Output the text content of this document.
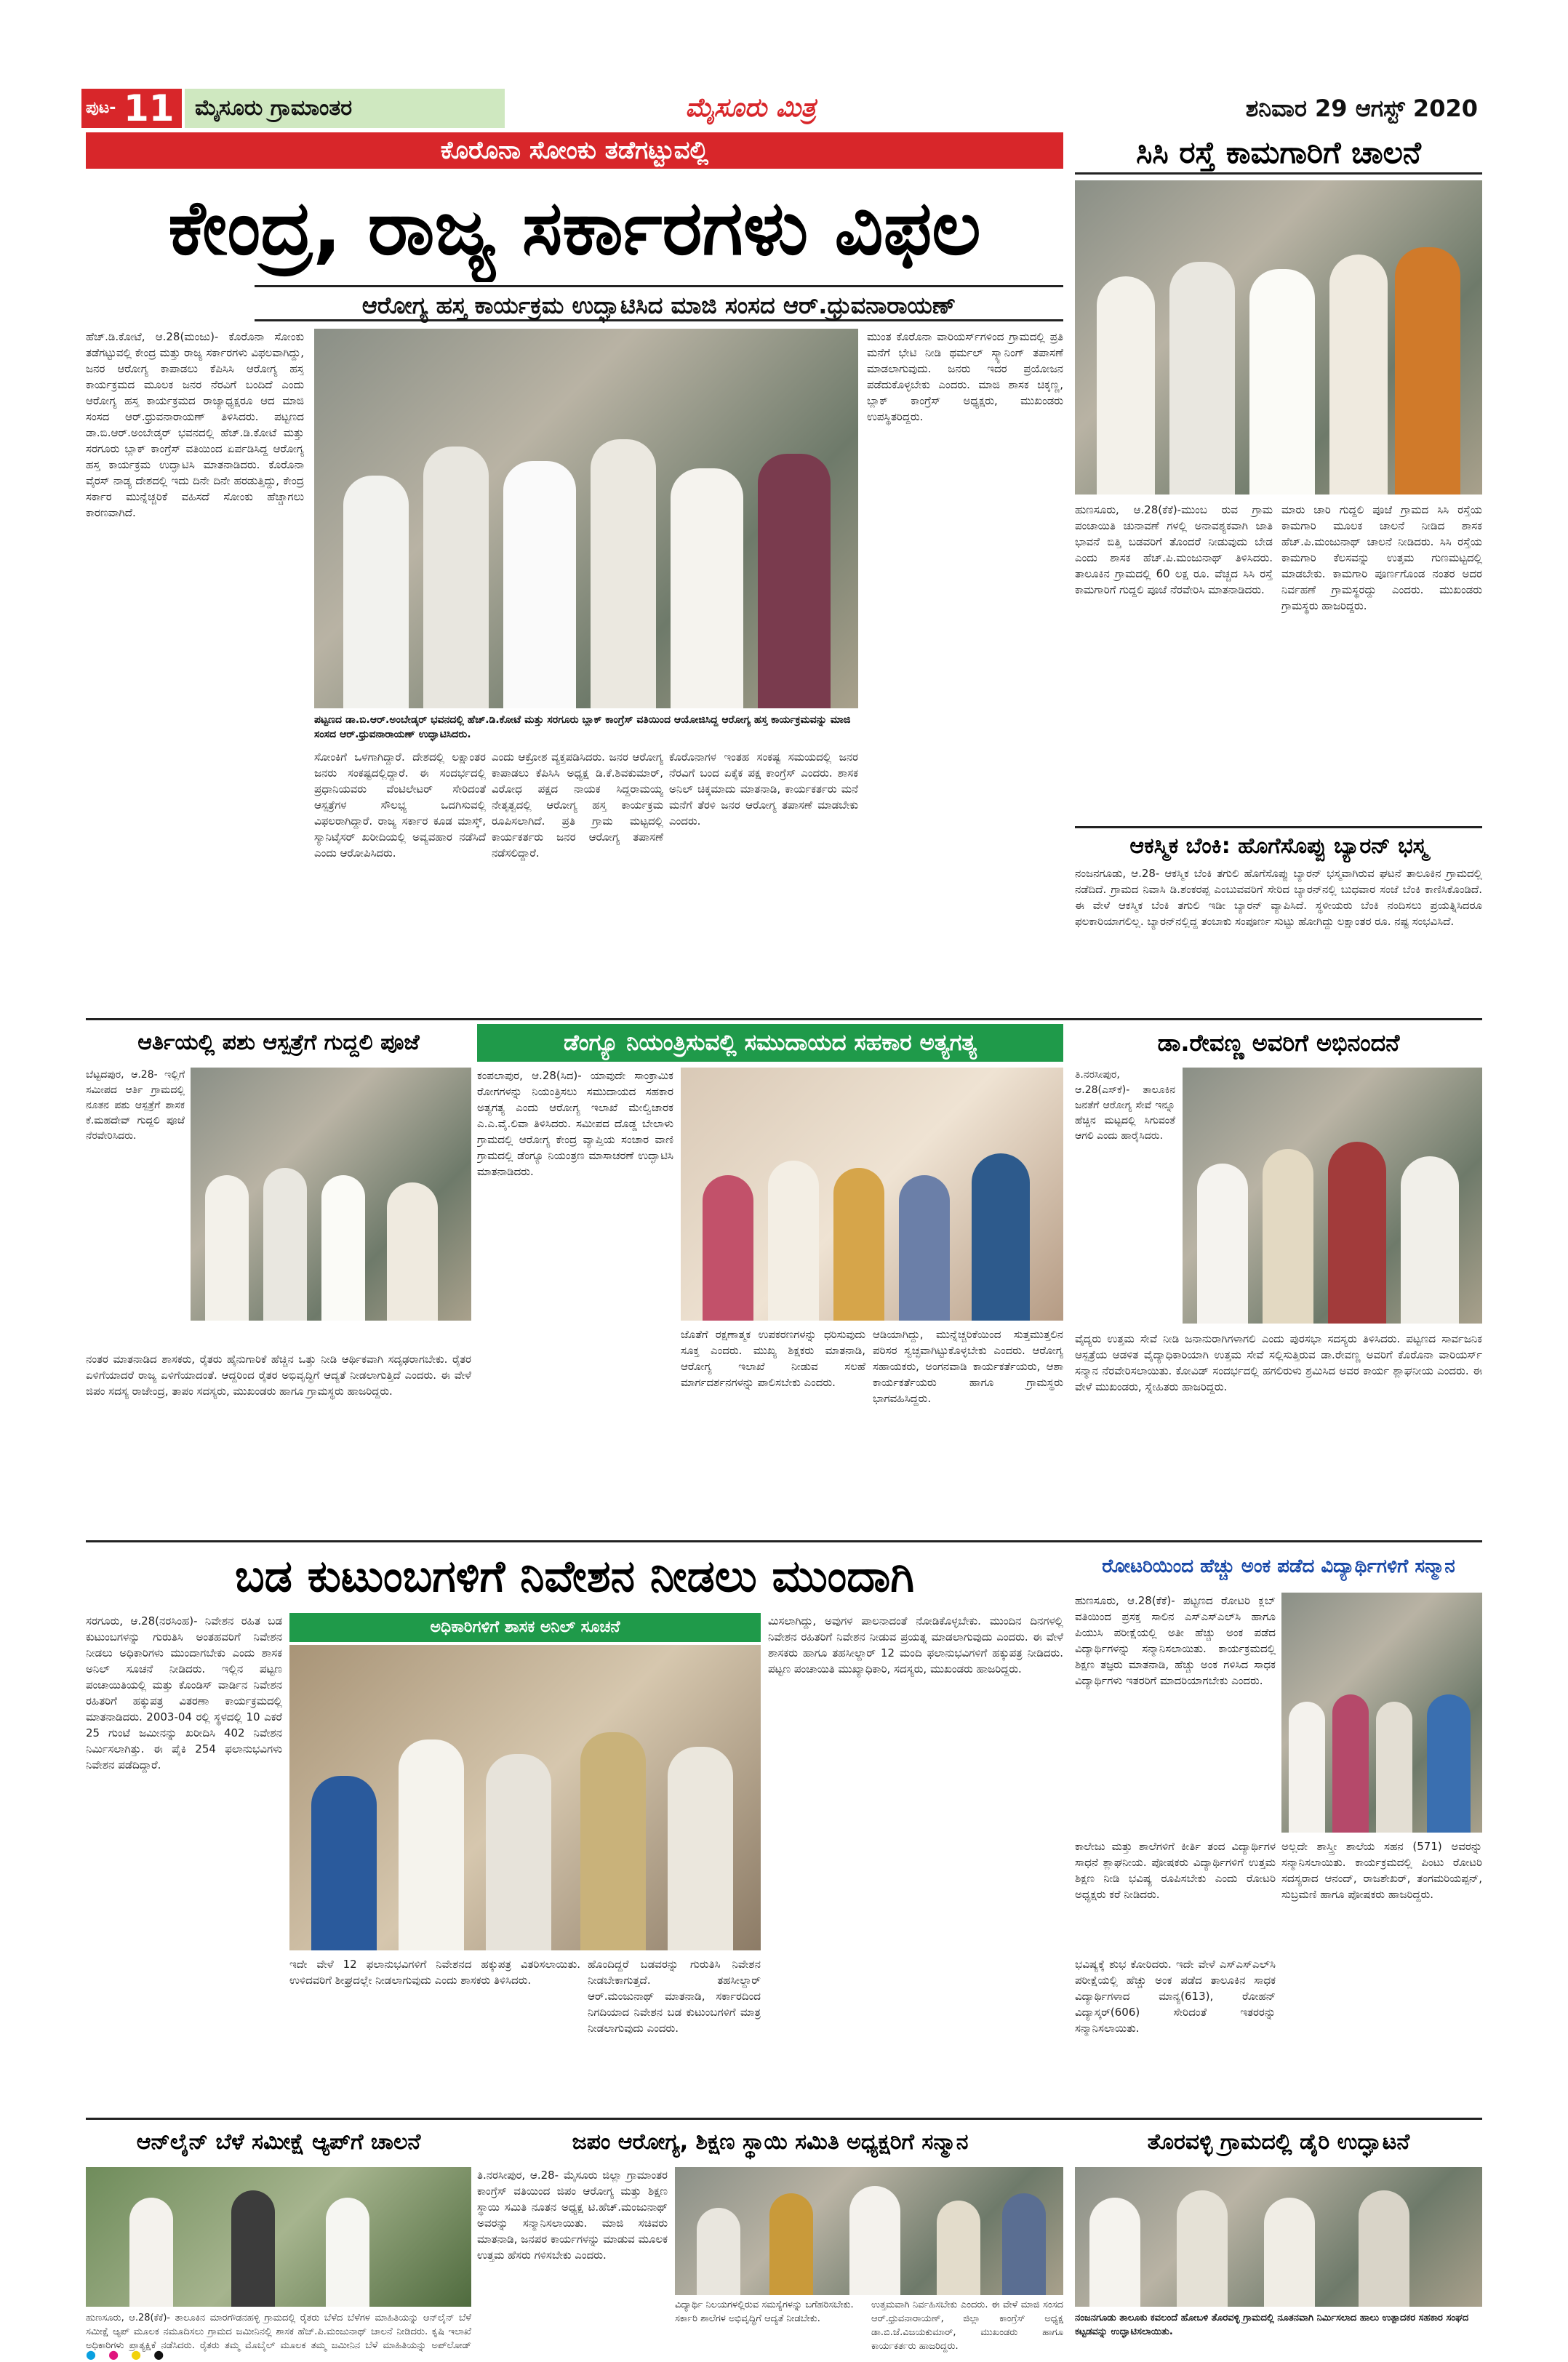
ಪುಟ- 11 ಮೈಸೂರು ಗ್ರಾಮಾಂತರ	ಮೈಸೂರು ಮಿತ್ರ	ಶನಿವಾರ 29 ಆಗಸ್ಟ್ 2020
ಕೊರೊನಾ ಸೋಂಕು ತಡೆಗಟ್ಟುವಲ್ಲಿ
ಕೇಂದ್ರ, ರಾಜ್ಯ ಸರ್ಕಾರಗಳು ವಿಫಲ
ಆರೋಗ್ಯ ಹಸ್ತ ಕಾರ್ಯಕ್ರಮ ಉದ್ಘಾಟಿಸಿದ ಮಾಜಿ ಸಂಸದ ಆರ್.ಧ್ರುವನಾರಾಯಣ್
ಹೆಚ್.ಡಿ.ಕೋಟೆ, ಆ.28(ಮಂಜು)- ಕೊರೊನಾ ಸೋಂಕು ತಡೆಗಟ್ಟುವಲ್ಲಿ ಕೇಂದ್ರ ಮತ್ತು ರಾಜ್ಯ ಸರ್ಕಾರಗಳು ವಿಫಲವಾಗಿದ್ದು, ಜನರ ಆರೋಗ್ಯ ಕಾಪಾಡಲು ಕೆಪಿಸಿಸಿ ಆರೋಗ್ಯ ಹಸ್ತ ಕಾರ್ಯಕ್ರಮದ ಮೂಲಕ ಜನರ ನೆರವಿಗೆ ಬಂದಿದೆ ಎಂದು ಆರೋಗ್ಯ ಹಸ್ತ ಕಾರ್ಯಕ್ರಮದ ರಾಜ್ಯಾಧ್ಯಕ್ಷರೂ ಆದ ಮಾಜಿ ಸಂಸದ ಆರ್.ಧ್ರುವನಾರಾಯಣ್ ತಿಳಿಸಿದರು. ಪಟ್ಟಣದ ಡಾ.ಬಿ.ಆರ್.ಅಂಬೇಡ್ಕರ್ ಭವನದಲ್ಲಿ ಹೆಚ್.ಡಿ.ಕೋಟೆ ಮತ್ತು ಸರಗೂರು ಬ್ಲಾಕ್ ಕಾಂಗ್ರೆಸ್ ವತಿಯಿಂದ ಏರ್ಪಡಿಸಿದ್ದ ಆರೋಗ್ಯ ಹಸ್ತ ಕಾರ್ಯಕ್ರಮ ಉದ್ಘಾಟಿಸಿ ಮಾತನಾಡಿದರು. ಕೊರೊನಾ ವೈರಸ್ ನಾಡ್ಯ ದೇಶದಲ್ಲಿ ಇದು ದಿನೇ ದಿನೇ ಹರಡುತ್ತಿದ್ದು, ಕೇಂದ್ರ ಸರ್ಕಾರ ಮುನ್ನೆಚ್ಚರಿಕೆ ವಹಿಸದೆ ಸೋಂಕು ಹೆಚ್ಚಾಗಲು ಕಾರಣವಾಗಿದೆ.
ಪಟ್ಟಣದ ಡಾ.ಬಿ.ಆರ್.ಅಂಬೇಡ್ಕರ್ ಭವನದಲ್ಲಿ ಹೆಚ್.ಡಿ.ಕೋಟೆ ಮತ್ತು ಸರಗೂರು ಬ್ಲಾಕ್ ಕಾಂಗ್ರೆಸ್ ವತಿಯಿಂದ ಆಯೋಜಿಸಿದ್ದ ಆರೋಗ್ಯ ಹಸ್ತ ಕಾರ್ಯಕ್ರಮವನ್ನು ಮಾಜಿ ಸಂಸದ ಆರ್.ಧ್ರುವನಾರಾಯಣ್ ಉದ್ಘಾಟಿಸಿದರು.
ಮುಂತ ಕೊರೊನಾ ವಾರಿಯರ್ಸ್‌ಗಳಿಂದ ಗ್ರಾಮದಲ್ಲಿ ಪ್ರತಿ ಮನೆಗೆ ಭೇಟಿ ನೀಡಿ ಥರ್ಮಲ್ ಸ್ಕ್ಯಾನಿಂಗ್ ತಪಾಸಣೆ ಮಾಡಲಾಗುವುದು. ಜನರು ಇದರ ಪ್ರಯೋಜನ ಪಡೆದುಕೊಳ್ಳಬೇಕು ಎಂದರು. ಮಾಜಿ ಶಾಸಕ ಚಿಕ್ಕಣ್ಣ, ಬ್ಲಾಕ್ ಕಾಂಗ್ರೆಸ್ ಅಧ್ಯಕ್ಷರು, ಮುಖಂಡರು ಉಪಸ್ಥಿತರಿದ್ದರು.
ಸೋಂಕಿಗೆ ಒಳಗಾಗಿದ್ದಾರೆ. ದೇಶದಲ್ಲಿ ಲಕ್ಷಾಂತರ ಜನರು ಸಂಕಷ್ಟದಲ್ಲಿದ್ದಾರೆ. ಈ ಸಂದರ್ಭದಲ್ಲಿ ಪ್ರಧಾನಿಯವರು ವೆಂಟಿಲೇಟರ್ ಸೇರಿದಂತೆ ಆಸ್ಪತ್ರೆಗಳ ಸೌಲಭ್ಯ ಒದಗಿಸುವಲ್ಲಿ ವಿಫಲರಾಗಿದ್ದಾರೆ. ರಾಜ್ಯ ಸರ್ಕಾರ ಕೂಡ ಮಾಸ್ಕ್, ಸ್ಯಾನಿಟೈಸರ್ ಖರೀದಿಯಲ್ಲಿ ಅವ್ಯವಹಾರ ನಡೆಸಿದೆ ಎಂದು ಆರೋಪಿಸಿದರು.
ಎಂದು ಆಕ್ರೋಶ ವ್ಯಕ್ತಪಡಿಸಿದರು. ಜನರ ಆರೋಗ್ಯ ಕಾಪಾಡಲು ಕೆಪಿಸಿಸಿ ಅಧ್ಯಕ್ಷ ಡಿ.ಕೆ.ಶಿವಕುಮಾರ್, ವಿರೋಧ ಪಕ್ಷದ ನಾಯಕ ಸಿದ್ದರಾಮಯ್ಯ ನೇತೃತ್ವದಲ್ಲಿ ಆರೋಗ್ಯ ಹಸ್ತ ಕಾರ್ಯಕ್ರಮ ರೂಪಿಸಲಾಗಿದೆ. ಪ್ರತಿ ಗ್ರಾಮ ಮಟ್ಟದಲ್ಲಿ ಕಾರ್ಯಕರ್ತರು ಜನರ ಆರೋಗ್ಯ ತಪಾಸಣೆ ನಡೆಸಲಿದ್ದಾರೆ.
ಕೊರೊನಾಗಳ ಇಂತಹ ಸಂಕಷ್ಟ ಸಮಯದಲ್ಲಿ ಜನರ ನೆರವಿಗೆ ಬಂದ ಏಕೈಕ ಪಕ್ಷ ಕಾಂಗ್ರೆಸ್ ಎಂದರು. ಶಾಸಕ ಅನಿಲ್ ಚಿಕ್ಕಮಾದು ಮಾತನಾಡಿ, ಕಾರ್ಯಕರ್ತರು ಮನೆ ಮನೆಗೆ ತೆರಳಿ ಜನರ ಆರೋಗ್ಯ ತಪಾಸಣೆ ಮಾಡಬೇಕು ಎಂದರು.
ಸಿಸಿ ರಸ್ತೆ ಕಾಮಗಾರಿಗೆ ಚಾಲನೆ
ಹುಣಸೂರು, ಆ.28(ಕೆಕೆ)-ಮುಂಬ ರುವ ಗ್ರಾಮ ಪಂಚಾಯಿತಿ ಚುನಾವಣೆ ಗಳಲ್ಲಿ ಅನಾವಶ್ಯಕವಾಗಿ ಜಾತಿ ಭಾವನೆ ಬಿತ್ತಿ ಬಡವರಿಗೆ ತೊಂದರೆ ನೀಡುವುದು ಬೇಡ ಎಂದು ಶಾಸಕ ಹೆಚ್.ಪಿ.ಮಂಜುನಾಥ್ ತಿಳಿಸಿದರು. ತಾಲೂಕಿನ ಗ್ರಾಮದಲ್ಲಿ 60 ಲಕ್ಷ ರೂ. ವೆಚ್ಚದ ಸಿಸಿ ರಸ್ತೆ ಕಾಮಗಾರಿಗೆ ಗುದ್ದಲಿ ಪೂಜೆ ನೆರವೇರಿಸಿ ಮಾತನಾಡಿದರು.
ಮಾರು ಚಾರಿ ಗುದ್ದಲಿ ಪೂಜೆ ಗ್ರಾಮದ ಸಿಸಿ ರಸ್ತೆಯ ಕಾಮಗಾರಿ ಮೂಲಕ ಚಾಲನೆ ನೀಡಿದ ಶಾಸಕ ಹೆಚ್.ಪಿ.ಮಂಜುನಾಥ್ ಚಾಲನೆ ನೀಡಿದರು. ಸಿಸಿ ರಸ್ತೆಯ ಕಾಮಗಾರಿ ಕೆಲಸವನ್ನು ಉತ್ತಮ ಗುಣಮಟ್ಟದಲ್ಲಿ ಮಾಡಬೇಕು. ಕಾಮಗಾರಿ ಪೂರ್ಣಗೊಂಡ ನಂತರ ಅದರ ನಿರ್ವಹಣೆ ಗ್ರಾಮಸ್ಥರದ್ದು ಎಂದರು. ಮುಖಂಡರು ಗ್ರಾಮಸ್ಥರು ಹಾಜರಿದ್ದರು.
ಆಕಸ್ಮಿಕ ಬೆಂಕಿ: ಹೊಗೆಸೊಪ್ಪು ಬ್ಯಾರನ್ ಭಸ್ಮ
ನಂಜನಗೂಡು, ಆ.28- ಆಕಸ್ಮಿಕ ಬೆಂಕಿ ತಗುಲಿ ಹೊಗೆಸೊಪ್ಪು ಬ್ಯಾರನ್ ಭಸ್ಮವಾಗಿರುವ ಘಟನೆ ತಾಲೂಕಿನ ಗ್ರಾಮದಲ್ಲಿ ನಡೆದಿದೆ. ಗ್ರಾಮದ ನಿವಾಸಿ ಡಿ.ಶಂಕರಪ್ಪ ಎಂಬುವವರಿಗೆ ಸೇರಿದ ಬ್ಯಾರನ್‌ನಲ್ಲಿ ಬುಧವಾರ ಸಂಜೆ ಬೆಂಕಿ ಕಾಣಿಸಿಕೊಂಡಿದೆ. ಈ ವೇಳೆ ಆಕಸ್ಮಿಕ ಬೆಂಕಿ ತಗುಲಿ ಇಡೀ ಬ್ಯಾರನ್ ವ್ಯಾಪಿಸಿದೆ. ಸ್ಥಳೀಯರು ಬೆಂಕಿ ನಂದಿಸಲು ಪ್ರಯತ್ನಿಸಿದರೂ ಫಲಕಾರಿಯಾಗಲಿಲ್ಲ. ಬ್ಯಾರನ್‌ನಲ್ಲಿದ್ದ ತಂಬಾಕು ಸಂಪೂರ್ಣ ಸುಟ್ಟು ಹೋಗಿದ್ದು ಲಕ್ಷಾಂತರ ರೂ. ನಷ್ಟ ಸಂಭವಿಸಿದೆ.
ಆರ್ತಿಯಲ್ಲಿ ಪಶು ಆಸ್ಪತ್ರೆಗೆ ಗುದ್ದಲಿ ಪೂಜೆ
ಬೆಟ್ಟದಪುರ, ಆ.28- ಇಲ್ಲಿಗೆ ಸಮೀಪದ ಆರ್ತಿ ಗ್ರಾಮದಲ್ಲಿ ನೂತನ ಪಶು ಆಸ್ಪತ್ರೆಗೆ ಶಾಸಕ ಕೆ.ಮಹದೇವ್ ಗುದ್ದಲಿ ಪೂಜೆ ನೆರವೇರಿಸಿದರು.
ನಂತರ ಮಾತನಾಡಿದ ಶಾಸಕರು, ರೈತರು ಹೈನುಗಾರಿಕೆ ಹೆಚ್ಚಿನ ಒತ್ತು ನೀಡಿ ಆರ್ಥಿಕವಾಗಿ ಸದೃಢರಾಗಬೇಕು. ರೈತರ ಏಳಿಗೆಯಾದರೆ ರಾಜ್ಯ ಏಳಿಗೆಯಾದಂತೆ. ಆದ್ದರಿಂದ ರೈತರ ಅಭಿವೃದ್ಧಿಗೆ ಆದ್ಯತೆ ನೀಡಲಾಗುತ್ತಿದೆ ಎಂದರು. ಈ ವೇಳೆ ಜಿಪಂ ಸದಸ್ಯ ರಾಜೇಂದ್ರ, ತಾಪಂ ಸದಸ್ಯರು, ಮುಖಂಡರು ಹಾಗೂ ಗ್ರಾಮಸ್ಥರು ಹಾಜರಿದ್ದರು.
ಡೆಂಗ್ಯೂ ನಿಯಂತ್ರಿಸುವಲ್ಲಿ ಸಮುದಾಯದ ಸಹಕಾರ ಅತ್ಯಗತ್ಯ
ಕಂಪಲಾಪುರ, ಆ.28(ಸಿದ)- ಯಾವುದೇ ಸಾಂಕ್ರಾಮಿಕ ರೋಗಗಳನ್ನು ನಿಯಂತ್ರಿಸಲು ಸಮುದಾಯದ ಸಹಕಾರ ಅತ್ಯಗತ್ಯ ಎಂದು ಆರೋಗ್ಯ ಇಲಾಖೆ ಮೇಲ್ವಿಚಾರಕ ಎ.ಎ.ವೈ.ಲಿವಾ ತಿಳಿಸಿದರು. ಸಮೀಪದ ದೊಡ್ಡ ಬೇಲಾಳು ಗ್ರಾಮದಲ್ಲಿ ಆರೋಗ್ಯ ಕೇಂದ್ರ ವ್ಯಾಪ್ತಿಯ ಸಂಚಾರ ವಾಣಿ ಗ್ರಾಮದಲ್ಲಿ ಡೆಂಗ್ಯೂ ನಿಯಂತ್ರಣ ಮಾಸಾಚರಣೆ ಉದ್ಘಾಟಿಸಿ ಮಾತನಾಡಿದರು.
ಜೊತೆಗೆ ರಕ್ಷಣಾತ್ಮಕ ಉಪಕರಣಗಳನ್ನು ಧರಿಸುವುದು ಸೂಕ್ತ ಎಂದರು. ಮುಖ್ಯ ಶಿಕ್ಷಕರು ಮಾತನಾಡಿ, ಆರೋಗ್ಯ ಇಲಾಖೆ ನೀಡುವ ಸಲಹೆ ಮಾರ್ಗದರ್ಶನಗಳನ್ನು ಪಾಲಿಸಬೇಕು ಎಂದರು.
ಆಡಿಯಾಗಿದ್ದು, ಮುನ್ನೆಚ್ಚರಿಕೆಯಿಂದ ಸುತ್ತಮುತ್ತಲಿನ ಪರಿಸರ ಸ್ವಚ್ಛವಾಗಿಟ್ಟುಕೊಳ್ಳಬೇಕು ಎಂದರು. ಆರೋಗ್ಯ ಸಹಾಯಕರು, ಅಂಗನವಾಡಿ ಕಾರ್ಯಕರ್ತೆಯರು, ಆಶಾ ಕಾರ್ಯಕರ್ತೆಯರು ಹಾಗೂ ಗ್ರಾಮಸ್ಥರು ಭಾಗವಹಿಸಿದ್ದರು.
ಡಾ.ರೇವಣ್ಣ ಅವರಿಗೆ ಅಭಿನಂದನೆ
ತಿ.ನರಸೀಪುರ, ಆ.28(ಎಸ್‌ಕೆ)- ತಾಲೂಕಿನ ಜನತೆಗೆ ಆರೋಗ್ಯ ಸೇವೆ ಇನ್ನೂ ಹೆಚ್ಚಿನ ಮಟ್ಟದಲ್ಲಿ ಸಿಗುವಂತೆ ಆಗಲಿ ಎಂದು ಹಾರೈಸಿದರು.
ವೈದ್ಯರು ಉತ್ತಮ ಸೇವೆ ನೀಡಿ ಜನಾನುರಾಗಿಗಳಾಗಲಿ ಎಂದು ಪುರಸಭಾ ಸದಸ್ಯರು ತಿಳಿಸಿದರು. ಪಟ್ಟಣದ ಸಾರ್ವಜನಿಕ ಆಸ್ಪತ್ರೆಯ ಆಡಳಿತ ವೈದ್ಯಾಧಿಕಾರಿಯಾಗಿ ಉತ್ತಮ ಸೇವೆ ಸಲ್ಲಿಸುತ್ತಿರುವ ಡಾ.ರೇವಣ್ಣ ಅವರಿಗೆ ಕೊರೊನಾ ವಾರಿಯರ್ಸ್ ಸನ್ಮಾನ ನೆರವೇರಿಸಲಾಯಿತು. ಕೋವಿಡ್ ಸಂದರ್ಭದಲ್ಲಿ ಹಗಲಿರುಳು ಶ್ರಮಿಸಿದ ಅವರ ಕಾರ್ಯ ಶ್ಲಾಘನೀಯ ಎಂದರು. ಈ ವೇಳೆ ಮುಖಂಡರು, ಸ್ನೇಹಿತರು ಹಾಜರಿದ್ದರು.
ಬಡ ಕುಟುಂಬಗಳಿಗೆ ನಿವೇಶನ ನೀಡಲು ಮುಂದಾಗಿ
ಸರಗೂರು, ಆ.28(ನರಸಿಂಹ)- ನಿವೇಶನ ರಹಿತ ಬಡ ಕುಟುಂಬಗಳನ್ನು ಗುರುತಿಸಿ ಅಂತಹವರಿಗೆ ನಿವೇಶನ ನೀಡಲು ಅಧಿಕಾರಿಗಳು ಮುಂದಾಗಬೇಕು ಎಂದು ಶಾಸಕ ಅನಿಲ್ ಸೂಚನೆ ನೀಡಿದರು. ಇಲ್ಲಿನ ಪಟ್ಟಣ ಪಂಚಾಯಿತಿಯಲ್ಲಿ ಮತ್ತು ಕೊಂಡಿಸ್ ವಾರ್ಡಿನ ನಿವೇಶನ ರಹಿತರಿಗೆ ಹಕ್ಕುಪತ್ರ ವಿತರಣಾ ಕಾರ್ಯಕ್ರಮದಲ್ಲಿ ಮಾತನಾಡಿದರು. 2003-04 ರಲ್ಲಿ ಸ್ಥಳದಲ್ಲಿ 10 ಎಕರೆ 25 ಗುಂಟೆ ಜಮೀನನ್ನು ಖರೀದಿಸಿ 402 ನಿವೇಶನ ನಿರ್ಮಿಸಲಾಗಿತ್ತು. ಈ ಪೈಕಿ 254 ಫಲಾನುಭವಿಗಳು ನಿವೇಶನ ಪಡೆದಿದ್ದಾರೆ.
ಅಧಿಕಾರಿಗಳಿಗೆ ಶಾಸಕ ಅನಿಲ್ ಸೂಚನೆ
ಇದೇ ವೇಳೆ 12 ಫಲಾನುಭವಿಗಳಿಗೆ ನಿವೇಶನದ ಹಕ್ಕುಪತ್ರ ವಿತರಿಸಲಾಯಿತು. ಉಳಿದವರಿಗೆ ಶೀಘ್ರದಲ್ಲೇ ನೀಡಲಾಗುವುದು ಎಂದು ಶಾಸಕರು ತಿಳಿಸಿದರು.
ಹೊಂದಿದ್ದರೆ ಬಡವರನ್ನು ಗುರುತಿಸಿ ನಿವೇಶನ ನೀಡಬೇಕಾಗುತ್ತದೆ. ತಹಸೀಲ್ದಾರ್ ಆರ್.ಮಂಜುನಾಥ್ ಮಾತನಾಡಿ, ಸರ್ಕಾರದಿಂದ ನಿಗದಿಯಾದ ನಿವೇಶನ ಬಡ ಕುಟುಂಬಗಳಿಗೆ ಮಾತ್ರ ನೀಡಲಾಗುವುದು ಎಂದರು.
ಮಿಸಲಾಗಿದ್ದು, ಅವುಗಳ ಪಾಲನಾದಂತೆ ನೋಡಿಕೊಳ್ಳಬೇಕು. ಮುಂದಿನ ದಿನಗಳಲ್ಲಿ ನಿವೇಶನ ರಹಿತರಿಗೆ ನಿವೇಶನ ನೀಡುವ ಪ್ರಯತ್ನ ಮಾಡಲಾಗುವುದು ಎಂದರು. ಈ ವೇಳೆ ಶಾಸಕರು ಹಾಗೂ ತಹಸೀಲ್ದಾರ್ 12 ಮಂದಿ ಫಲಾನುಭವಿಗಳಿಗೆ ಹಕ್ಕುಪತ್ರ ನೀಡಿದರು. ಪಟ್ಟಣ ಪಂಚಾಯಿತಿ ಮುಖ್ಯಾಧಿಕಾರಿ, ಸದಸ್ಯರು, ಮುಖಂಡರು ಹಾಜರಿದ್ದರು.
ರೋಟರಿಯಿಂದ ಹೆಚ್ಚು ಅಂಕ ಪಡೆದ ವಿದ್ಯಾರ್ಥಿಗಳಿಗೆ ಸನ್ಮಾನ
ಹುಣಸೂರು, ಆ.28(ಕೆಕೆ)- ಪಟ್ಟಣದ ರೋಟರಿ ಕ್ಲಬ್ ವತಿಯಿಂದ ಪ್ರಸಕ್ತ ಸಾಲಿನ ಎಸ್‌ಎಸ್‌ಎಲ್‌ಸಿ ಹಾಗೂ ಪಿಯುಸಿ ಪರೀಕ್ಷೆಯಲ್ಲಿ ಅತೀ ಹೆಚ್ಚು ಅಂಕ ಪಡೆದ ವಿದ್ಯಾರ್ಥಿಗಳನ್ನು ಸನ್ಮಾನಿಸಲಾಯಿತು. ಕಾರ್ಯಕ್ರಮದಲ್ಲಿ ಶಿಕ್ಷಣ ತಜ್ಞರು ಮಾತನಾಡಿ, ಹೆಚ್ಚು ಅಂಕ ಗಳಿಸಿದ ಸಾಧಕ ವಿದ್ಯಾರ್ಥಿಗಳು ಇತರರಿಗೆ ಮಾದರಿಯಾಗಬೇಕು ಎಂದರು.
ಕಾಲೇಜು ಮತ್ತು ಶಾಲೆಗಳಿಗೆ ಕೀರ್ತಿ ತಂದ ವಿದ್ಯಾರ್ಥಿಗಳ ಸಾಧನೆ ಶ್ಲಾಘನೀಯ. ಪೋಷಕರು ವಿದ್ಯಾರ್ಥಿಗಳಿಗೆ ಉತ್ತಮ ಶಿಕ್ಷಣ ನೀಡಿ ಭವಿಷ್ಯ ರೂಪಿಸಬೇಕು ಎಂದು ರೋಟರಿ ಅಧ್ಯಕ್ಷರು ಕರೆ ನೀಡಿದರು.
ಭವಿಷ್ಯಕ್ಕೆ ಶುಭ ಕೋರಿದರು. ಇದೇ ವೇಳೆ ಎಸ್‌ಎಸ್‌ಎಲ್‌ಸಿ ಪರೀಕ್ಷೆಯಲ್ಲಿ ಹೆಚ್ಚು ಅಂಕ ಪಡೆದ ತಾಲೂಕಿನ ಸಾಧಕ ವಿದ್ಯಾರ್ಥಿಗಳಾದ ಮಾನ್ಯ(613), ರೋಹನ್ ವಿದ್ಯಾಸ್ಕರ್(606) ಸೇರಿದಂತೆ ಇತರರನ್ನು ಸನ್ಮಾನಿಸಲಾಯಿತು.
ಅಲ್ಲದೇ ಶಾಸ್ತ್ರೀ ಶಾಲೆಯ ಸಹನ (571) ಅವರನ್ನು ಸನ್ಮಾನಿಸಲಾಯಿತು. ಕಾರ್ಯಕ್ರಮದಲ್ಲಿ ಪಿಂಟು ರೋಟರಿ ಸದಸ್ಯರಾದ ಆನಂದ್, ರಾಜಶೇಖರ್, ತಂಗಮರಿಯಪ್ಪನ್, ಸುಬ್ರಮಣಿ ಹಾಗೂ ಪೋಷಕರು ಹಾಜರಿದ್ದರು.
ಆನ್‌ಲೈನ್ ಬೆಳೆ ಸಮೀಕ್ಷೆ ಆ್ಯಪ್‌ಗೆ ಚಾಲನೆ
ಹುಣಸೂರು, ಆ.28(ಕೆಕೆ)- ತಾಲೂಕಿನ ಮಾರಗೌಡನಹಳ್ಳಿ ಗ್ರಾಮದಲ್ಲಿ ರೈತರು ಬೆಳೆದ ಬೆಳೆಗಳ ಮಾಹಿತಿಯನ್ನು ಆನ್‌ಲೈನ್ ಬೆಳೆ ಸಮೀಕ್ಷೆ ಆ್ಯಪ್ ಮೂಲಕ ನಮೂದಿಸಲು ಗ್ರಾಮದ ಜಮೀನಿನಲ್ಲಿ ಶಾಸಕ ಹೆಚ್.ಪಿ.ಮಂಜುನಾಥ್ ಚಾಲನೆ ನೀಡಿದರು. ಕೃಷಿ ಇಲಾಖೆ ಅಧಿಕಾರಿಗಳು ಪ್ರಾತ್ಯಕ್ಷಿಕೆ ನಡೆಸಿದರು. ರೈತರು ತಮ್ಮ ಮೊಬೈಲ್ ಮೂಲಕ ತಮ್ಮ ಜಮೀನಿನ ಬೆಳೆ ಮಾಹಿತಿಯನ್ನು ಅಪ್‌ಲೋಡ್
ಜಪಂ ಆರೋಗ್ಯ, ಶಿಕ್ಷಣ ಸ್ಥಾಯಿ ಸಮಿತಿ ಅಧ್ಯಕ್ಷರಿಗೆ ಸನ್ಮಾನ
ತಿ.ನರಸೀಪುರ, ಆ.28- ಮೈಸೂರು ಜಿಲ್ಲಾ ಗ್ರಾಮಾಂತರ ಕಾಂಗ್ರೆಸ್ ವತಿಯಿಂದ ಜಿಪಂ ಆರೋಗ್ಯ ಮತ್ತು ಶಿಕ್ಷಣ ಸ್ಥಾಯಿ ಸಮಿತಿ ನೂತನ ಅಧ್ಯಕ್ಷ ಟಿ.ಹೆಚ್.ಮಂಜುನಾಥ್ ಅವರನ್ನು ಸನ್ಮಾನಿಸಲಾಯಿತು. ಮಾಜಿ ಸಚಿವರು ಮಾತನಾಡಿ, ಜನಪರ ಕಾರ್ಯಗಳನ್ನು ಮಾಡುವ ಮೂಲಕ ಉತ್ತಮ ಹೆಸರು ಗಳಿಸಬೇಕು ಎಂದರು.
ವಿದ್ಯಾರ್ಥಿ ನಿಲಯಗಳಲ್ಲಿರುವ ಸಮಸ್ಯೆಗಳನ್ನು ಬಗೆಹರಿಸಬೇಕು. ಸರ್ಕಾರಿ ಶಾಲೆಗಳ ಅಭಿವೃದ್ಧಿಗೆ ಆದ್ಯತೆ ನೀಡಬೇಕು.
ಉತ್ತಮವಾಗಿ ನಿರ್ವಹಿಸಬೇಕು ಎಂದರು. ಈ ವೇಳೆ ಮಾಜಿ ಸಂಸದ ಆರ್.ಧ್ರುವನಾರಾಯಣ್, ಜಿಲ್ಲಾ ಕಾಂಗ್ರೆಸ್ ಅಧ್ಯಕ್ಷ ಡಾ.ಬಿ.ಜೆ.ವಿಜಯಕುಮಾರ್, ಮುಖಂಡರು ಹಾಗೂ ಕಾರ್ಯಕರ್ತರು ಹಾಜರಿದ್ದರು.
ತೊರವಳ್ಳಿ ಗ್ರಾಮದಲ್ಲಿ ಡೈರಿ ಉದ್ಘಾಟನೆ
ನಂಜನಗೂಡು ತಾಲೂಕು ಕವಲಂದೆ ಹೋಬಳಿ ತೊರವಳ್ಳಿ ಗ್ರಾಮದಲ್ಲಿ ನೂತನವಾಗಿ ನಿರ್ಮಿಸಲಾದ ಹಾಲು ಉತ್ಪಾದಕರ ಸಹಕಾರ ಸಂಘದ ಕಟ್ಟಡವನ್ನು ಉದ್ಘಾಟಿಸಲಾಯಿತು.
● ● ● ●
